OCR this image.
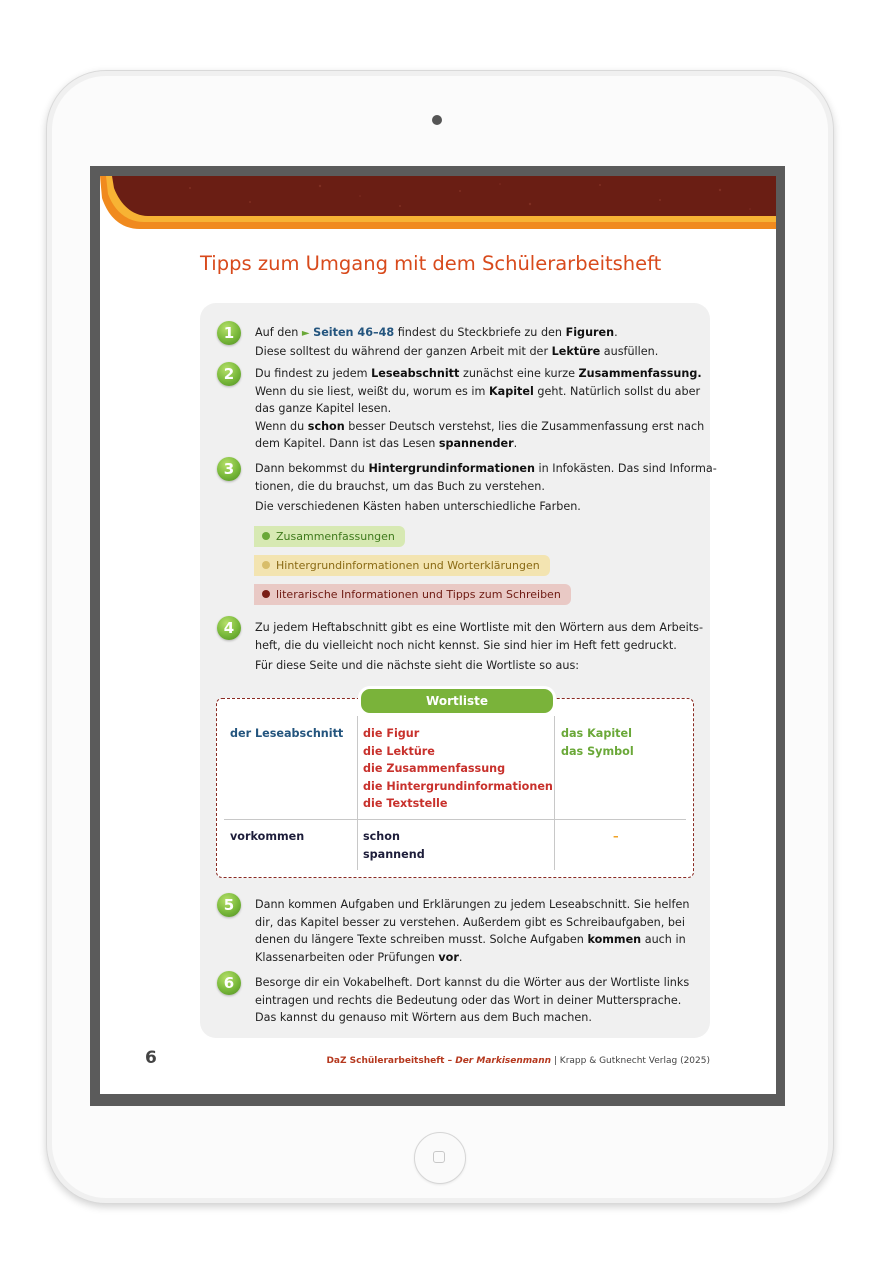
Tipps zum Umgang mit dem Schülerarbeitsheft
1
2
3
4
5
6
Auf den ► Seiten 46–48 findest du Steckbriefe zu den Figuren.
Diese solltest du während der ganzen Arbeit mit der Lektüre ausfüllen.
Du findest zu jedem Leseabschnitt zunächst eine kurze Zusammenfassung.
Wenn du sie liest, weißt du, worum es im Kapitel geht. Natürlich sollst du aber
das ganze Kapitel lesen.
Wenn du schon besser Deutsch verstehst, lies die Zusammenfassung erst nach
dem Kapitel. Dann ist das Lesen spannender.
Dann bekommst du Hintergrundinformationen in Infokästen. Das sind Informa-
tionen, die du brauchst, um das Buch zu verstehen.
Die verschiedenen Kästen haben unterschiedliche Farben.
Zusammenfassungen
Hintergrundinformationen und Worterklärungen
literarische Informationen und Tipps zum Schreiben
Zu jedem Heftabschnitt gibt es eine Wortliste mit den Wörtern aus dem Arbeits-
heft, die du vielleicht noch nicht kennst. Sie sind hier im Heft fett gedruckt.
Für diese Seite und die nächste sieht die Wortliste so aus:
Wortliste
der Leseabschnitt die Figur
die Lektüre
die Zusammenfassung
die Hintergrundinformationen
die Textstelle
das Kapitel
das Symbol
vorkommen	schon
spannend
–
Dann kommen Aufgaben und Erklärungen zu jedem Leseabschnitt. Sie helfen
dir, das Kapitel besser zu verstehen. Außerdem gibt es Schreibaufgaben, bei
denen du längere Texte schreiben musst. Solche Aufgaben kommen auch in
Klassenarbeiten oder Prüfungen vor.
Besorge dir ein Vokabelheft. Dort kannst du die Wörter aus der Wortliste links
eintragen und rechts die Bedeutung oder das Wort in deiner Muttersprache.
Das kannst du genauso mit Wörtern aus dem Buch machen.
6	DaZ Schülerarbeitsheft – Der Markisenmann | Krapp & Gutknecht Verlag (2025)
